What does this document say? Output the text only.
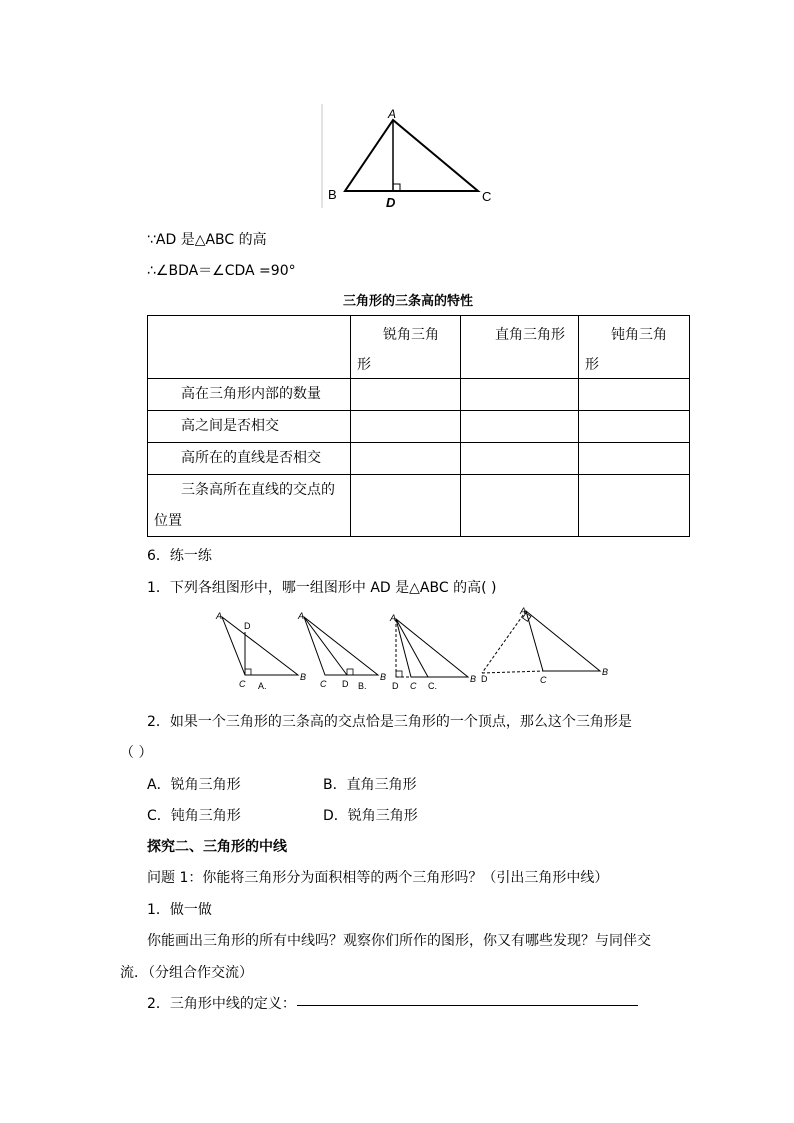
A
B	C
D
∵AD 是△ABC 的高
∴∠BDA＝∠CDA =90°
三角形的三条高的特性

	锐角三角
形	直角三角形	钝角三角
形

高在三角形内部的数量			
高之间是否相交			
高所在的直线是否相交			

三条高所在直线的交点的
位置			

6．练一练
1．下列各组图形中，哪一组图形中 AD 是△ABC 的高( )
A
D
C A.
B
A
C D B.
B
A
D C C.
B
A
D	C
B
2．如果一个三角形的三条高的交点恰是三角形的一个顶点，那么这个三角形是
（ ）
A．锐角三角形	B．直角三角形
C．钝角三角形	D．锐角三角形
探究二、三角形的中线
问题 1：你能将三角形分为面积相等的两个三角形吗？（引出三角形中线）
1．做一做
你能画出三角形的所有中线吗？观察你们所作的图形，你又有哪些发现？与同伴交
流．（分组合作交流）
2．三角形中线的定义：
